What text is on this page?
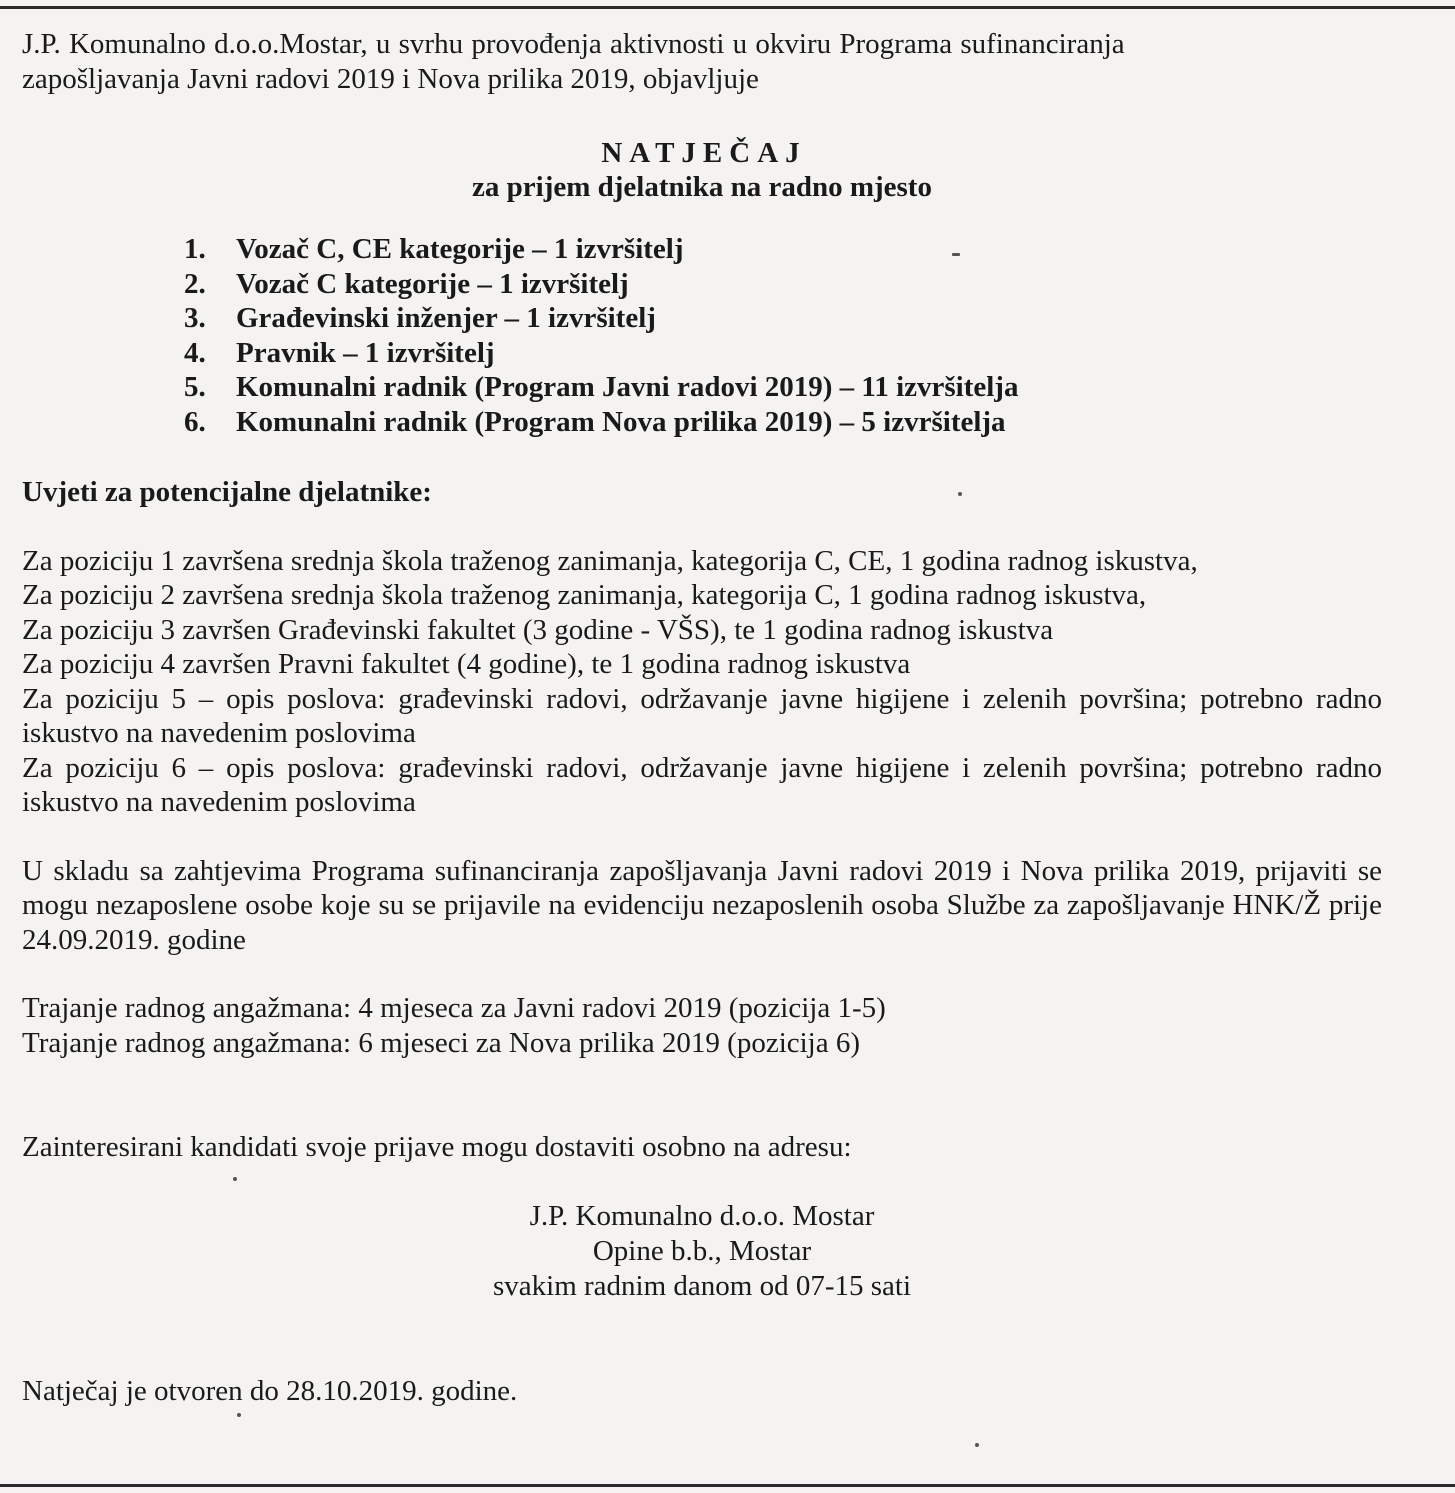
J.P. Komunalno d.o.o.Mostar, u svrhu provođenja aktivnosti u okviru Programa sufinanciranja

zapošljavanja Javni radovi 2019 i Nova prilika 2019, objavljuje

NATJEČAJ

za prijem djelatnika na radno mjesto

1.	Vozač C, CE kategorije – 1 izvršitelj
2.	Vozač C kategorije – 1 izvršitelj
3.	Građevinski inženjer – 1 izvršitelj
4.	Pravnik – 1 izvršitelj
5.	Komunalni radnik (Program Javni radovi 2019) – 11 izvršitelja
6.	Komunalni radnik (Program Nova prilika 2019) – 5 izvršitelja

Uvjeti za potencijalne djelatnike:

Za poziciju 1 završena srednja škola traženog zanimanja, kategorija C, CE, 1 godina radnog iskustva,

Za poziciju 2 završena srednja škola traženog zanimanja, kategorija C, 1 godina radnog iskustva,

Za poziciju 3 završen Građevinski fakultet (3 godine - VŠS), te 1 godina radnog iskustva

Za poziciju 4 završen Pravni fakultet (4 godine), te 1 godina radnog iskustva

Za poziciju 5 – opis poslova: građevinski radovi, održavanje javne higijene i zelenih površina; potrebno radno iskustvo na navedenim poslovima

Za poziciju 6 – opis poslova: građevinski radovi, održavanje javne higijene i zelenih površina; potrebno radno iskustvo na navedenim poslovima

U skladu sa zahtjevima Programa sufinanciranja zapošljavanja Javni radovi 2019 i Nova prilika 2019, prijaviti se mogu nezaposlene osobe koje su se prijavile na evidenciju nezaposlenih osoba Službe za zapošljavanje HNK/Ž prije 24.09.2019. godine

Trajanje radnog angažmana: 4 mjeseca za Javni radovi 2019 (pozicija 1-5)

Trajanje radnog angažmana: 6 mjeseci za Nova prilika 2019 (pozicija 6)

Zainteresirani kandidati svoje prijave mogu dostaviti osobno na adresu:

J.P. Komunalno d.o.o. Mostar

Opine b.b., Mostar

svakim radnim danom od 07-15 sati

Natječaj je otvoren do 28.10.2019. godine.
